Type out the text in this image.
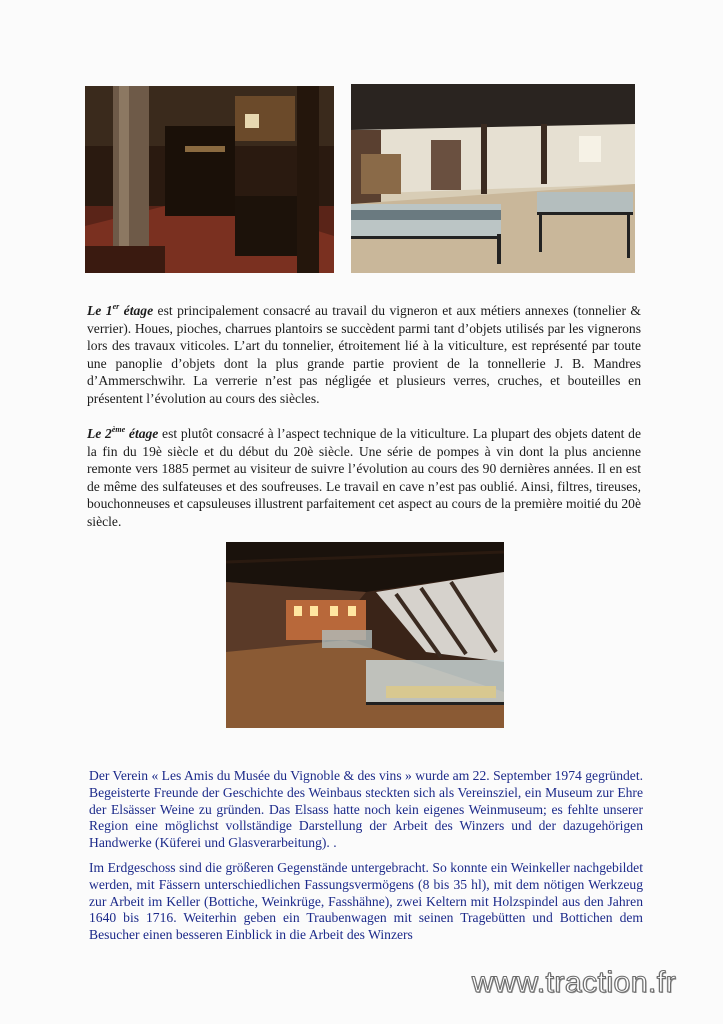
Le 1er étage est principalement consacré au travail du vigneron et aux métiers annexes (tonnelier & verrier). Houes, pioches, charrues plantoirs se succèdent parmi tant d’objets utilisés par les vignerons lors des travaux viticoles. L’art du tonnelier, étroitement lié à la viticulture, est représenté par toute une panoplie d’objets dont la plus grande partie provient de la tonnellerie J. B. Mandres d’Ammerschwihr. La verrerie n’est pas négligée et plusieurs verres, cruches, et bouteilles en présentent l’évolution au cours des siècles.

Le 2ème étage est plutôt consacré à l’aspect technique de la viticulture. La plupart des objets datent de la fin du 19è siècle et du début du 20è siècle. Une série de pompes à vin dont la plus ancienne remonte vers 1885 permet au visiteur de suivre l’évolution au cours des 90 dernières années. Il en est de même des sulfateuses et des soufreuses. Le travail en cave n’est pas oublié. Ainsi, filtres, tireuses, bouchonneuses et capsuleuses illustrent parfaitement cet aspect au cours de la première moitié du 20è siècle.

Der Verein « Les Amis du Musée du Vignoble & des vins » wurde am 22. September 1974 gegründet. Begeisterte Freunde der Geschichte des Weinbaus steckten sich als Vereinsziel, ein Museum zur Ehre der Elsässer Weine zu gründen. Das Elsass hatte noch kein eigenes Weinmuseum; es fehlte unserer Region eine möglichst vollständige Darstellung der Arbeit des Winzers und der dazugehörigen Handwerke (Küferei und Glasverarbeitung). .

Im Erdgeschoss sind die größeren Gegenstände untergebracht. So konnte ein Weinkeller nachgebildet werden, mit Fässern unterschiedlichen Fassungsvermögens (8 bis 35 hl), mit dem nötigen Werkzeug zur Arbeit im Keller (Bottiche, Weinkrüge, Fasshähne), zwei Keltern mit Holzspindel aus den Jahren 1640 bis 1716. Weiterhin geben ein Traubenwagen mit seinen Tragebütten und Bottichen dem Besucher einen besseren Einblick in die Arbeit des Winzers

www.traction.fr
